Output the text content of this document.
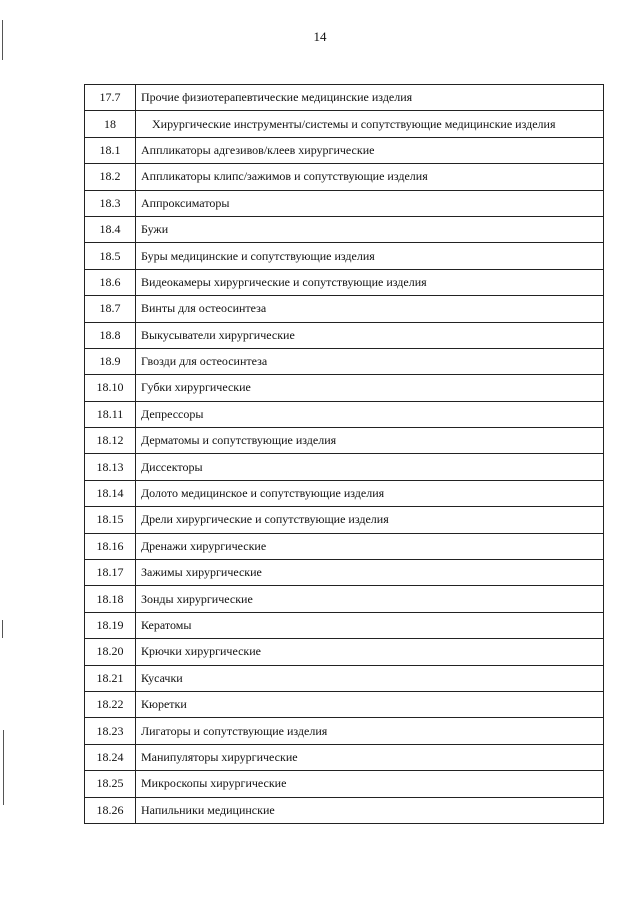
14
17.7	Прочие физиотерапевтические медицинские изделия
18	Хирургические инструменты/системы и сопутствующие медицинские изделия
18.1	Аппликаторы адгезивов/клеев хирургические
18.2	Аппликаторы клипс/зажимов и сопутствующие изделия
18.3	Аппроксиматоры
18.4	Бужи
18.5	Буры медицинские и сопутствующие изделия
18.6	Видеокамеры хирургические и сопутствующие изделия
18.7	Винты для остеосинтеза
18.8	Выкусыватели хирургические
18.9	Гвозди для остеосинтеза
18.10	Губки хирургические
18.11	Депрессоры
18.12	Дерматомы и сопутствующие изделия
18.13	Диссекторы
18.14	Долото медицинское и сопутствующие изделия
18.15	Дрели хирургические и сопутствующие изделия
18.16	Дренажи хирургические
18.17	Зажимы хирургические
18.18	Зонды хирургические
18.19	Кератомы
18.20	Крючки хирургические
18.21	Кусачки
18.22	Кюретки
18.23	Лигаторы и сопутствующие изделия
18.24	Манипуляторы хирургические
18.25	Микроскопы хирургические
18.26	Напильники медицинские
